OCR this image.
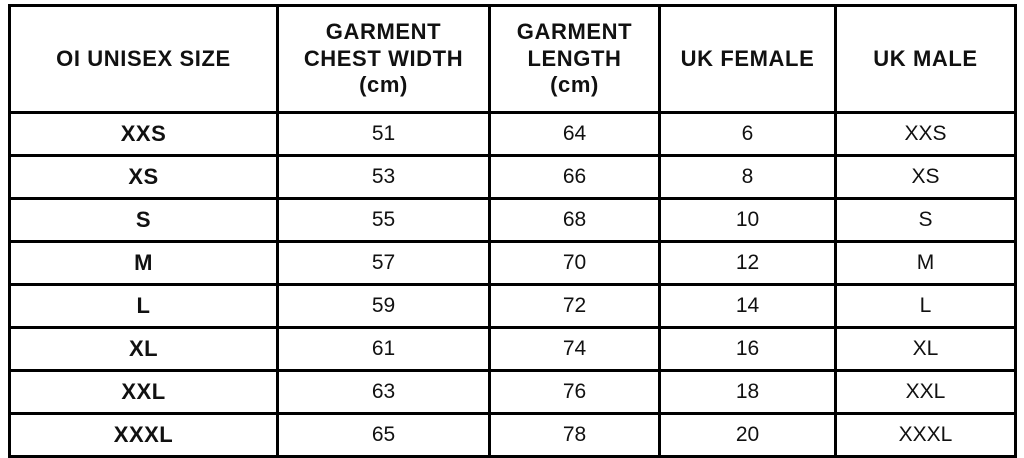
OI UNISEX SIZE	GARMENT
CHEST WIDTH
(cm)	GARMENT
LENGTH
(cm)	UK FEMALE	UK MALE

XXS	51	64	6	XXS
XS	53	66	8	XS
S	55	68	10	S
M	57	70	12	M
L	59	72	14	L
XL	61	74	16	XL
XXL	63	76	18	XXL
XXXL	65	78	20	XXXL
